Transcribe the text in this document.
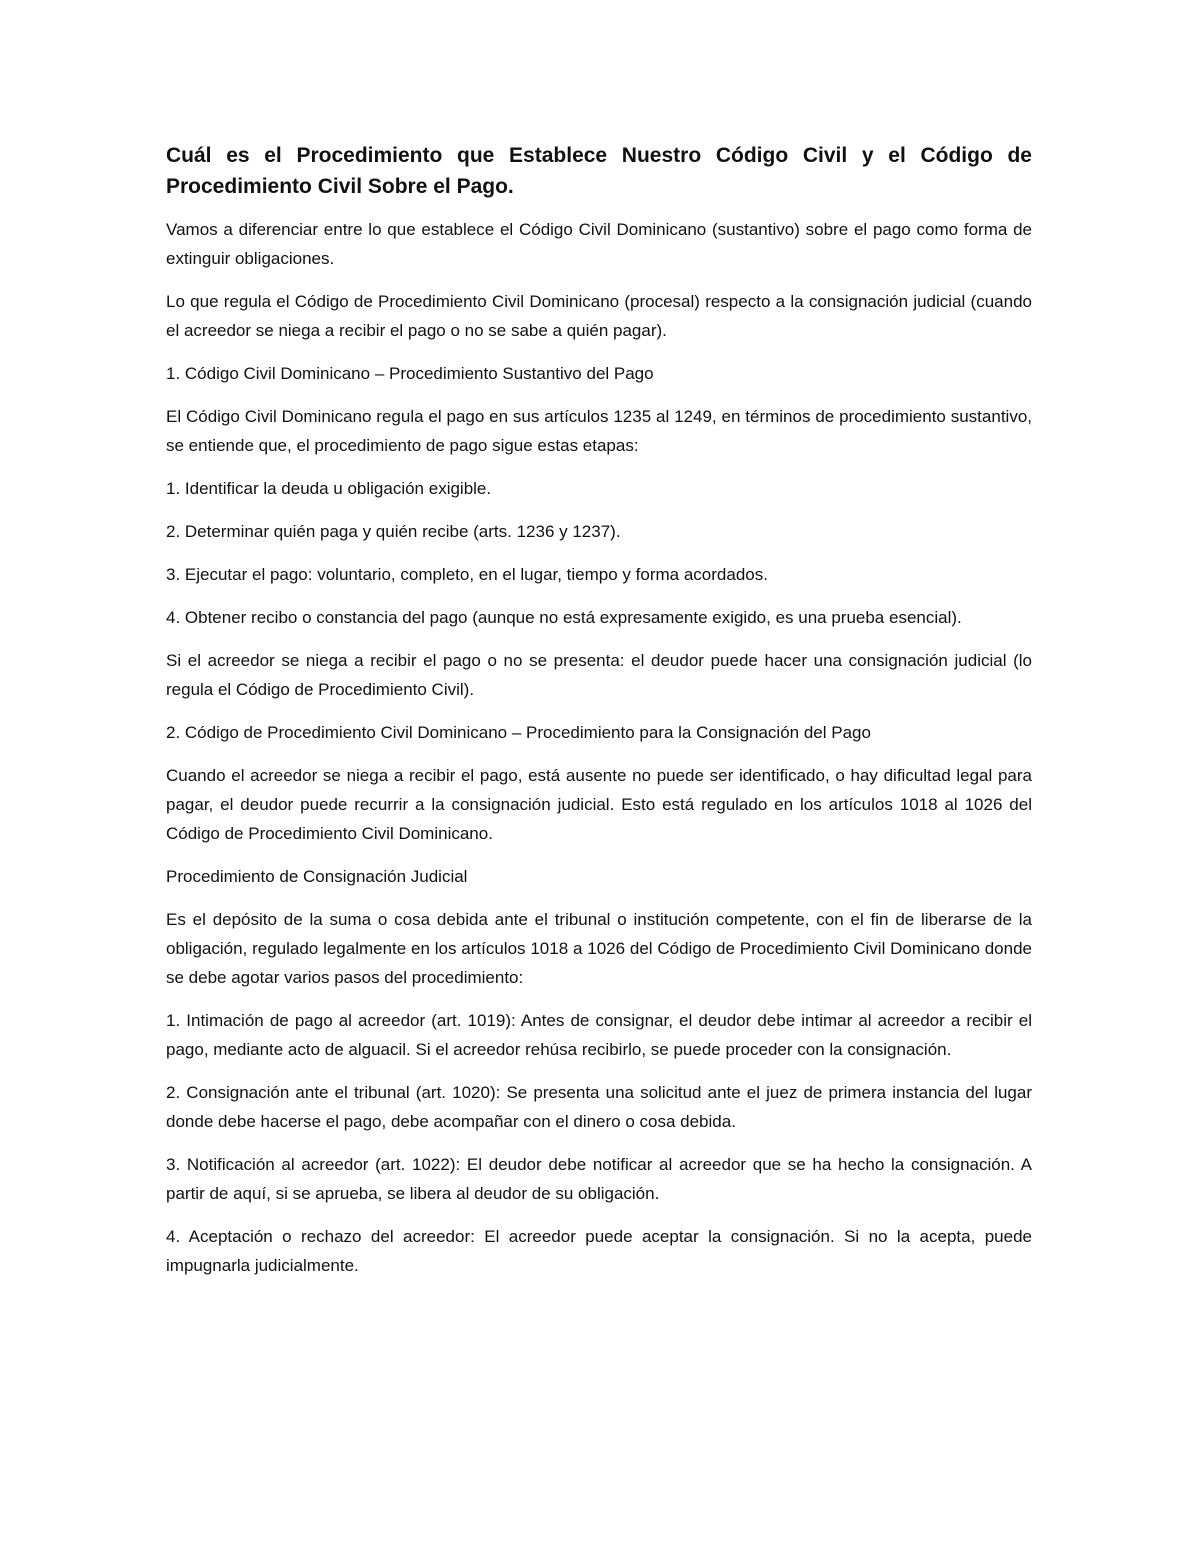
Cuál es el Procedimiento que Establece Nuestro Código Civil y el Código de Procedimiento Civil Sobre el Pago.

Vamos a diferenciar entre lo que establece el Código Civil Dominicano (sustantivo) sobre el pago como forma de extinguir obligaciones.

Lo que regula el Código de Procedimiento Civil Dominicano (procesal) respecto a la consignación judicial (cuando el acreedor se niega a recibir el pago o no se sabe a quién pagar).

1. Código Civil Dominicano – Procedimiento Sustantivo del Pago

El Código Civil Dominicano regula el pago en sus artículos 1235 al 1249, en términos de procedimiento sustantivo, se entiende que, el procedimiento de pago sigue estas etapas:

1. Identificar la deuda u obligación exigible.

2. Determinar quién paga y quién recibe (arts. 1236 y 1237).

3. Ejecutar el pago: voluntario, completo, en el lugar, tiempo y forma acordados.

4. Obtener recibo o constancia del pago (aunque no está expresamente exigido, es una prueba esencial).

Si el acreedor se niega a recibir el pago o no se presenta: el deudor puede hacer una consignación judicial (lo regula el Código de Procedimiento Civil).

2. Código de Procedimiento Civil Dominicano – Procedimiento para la Consignación del Pago

Cuando el acreedor se niega a recibir el pago, está ausente no puede ser identificado, o hay dificultad legal para pagar, el deudor puede recurrir a la consignación judicial. Esto está regulado en los artículos 1018 al 1026 del Código de Procedimiento Civil Dominicano.

Procedimiento de Consignación Judicial

Es el depósito de la suma o cosa debida ante el tribunal o institución competente, con el fin de liberarse de la obligación, regulado legalmente en los artículos 1018 a 1026 del Código de Procedimiento Civil Dominicano donde se debe agotar varios pasos del procedimiento:

1. Intimación de pago al acreedor (art. 1019): Antes de consignar, el deudor debe intimar al acreedor a recibir el pago, mediante acto de alguacil. Si el acreedor rehúsa recibirlo, se puede proceder con la consignación.

2. Consignación ante el tribunal (art. 1020): Se presenta una solicitud ante el juez de primera instancia del lugar donde debe hacerse el pago, debe acompañar con el dinero o cosa debida.

3. Notificación al acreedor (art. 1022): El deudor debe notificar al acreedor que se ha hecho la consignación. A partir de aquí, si se aprueba, se libera al deudor de su obligación.

4. Aceptación o rechazo del acreedor: El acreedor puede aceptar la consignación. Si no la acepta, puede impugnarla judicialmente.
